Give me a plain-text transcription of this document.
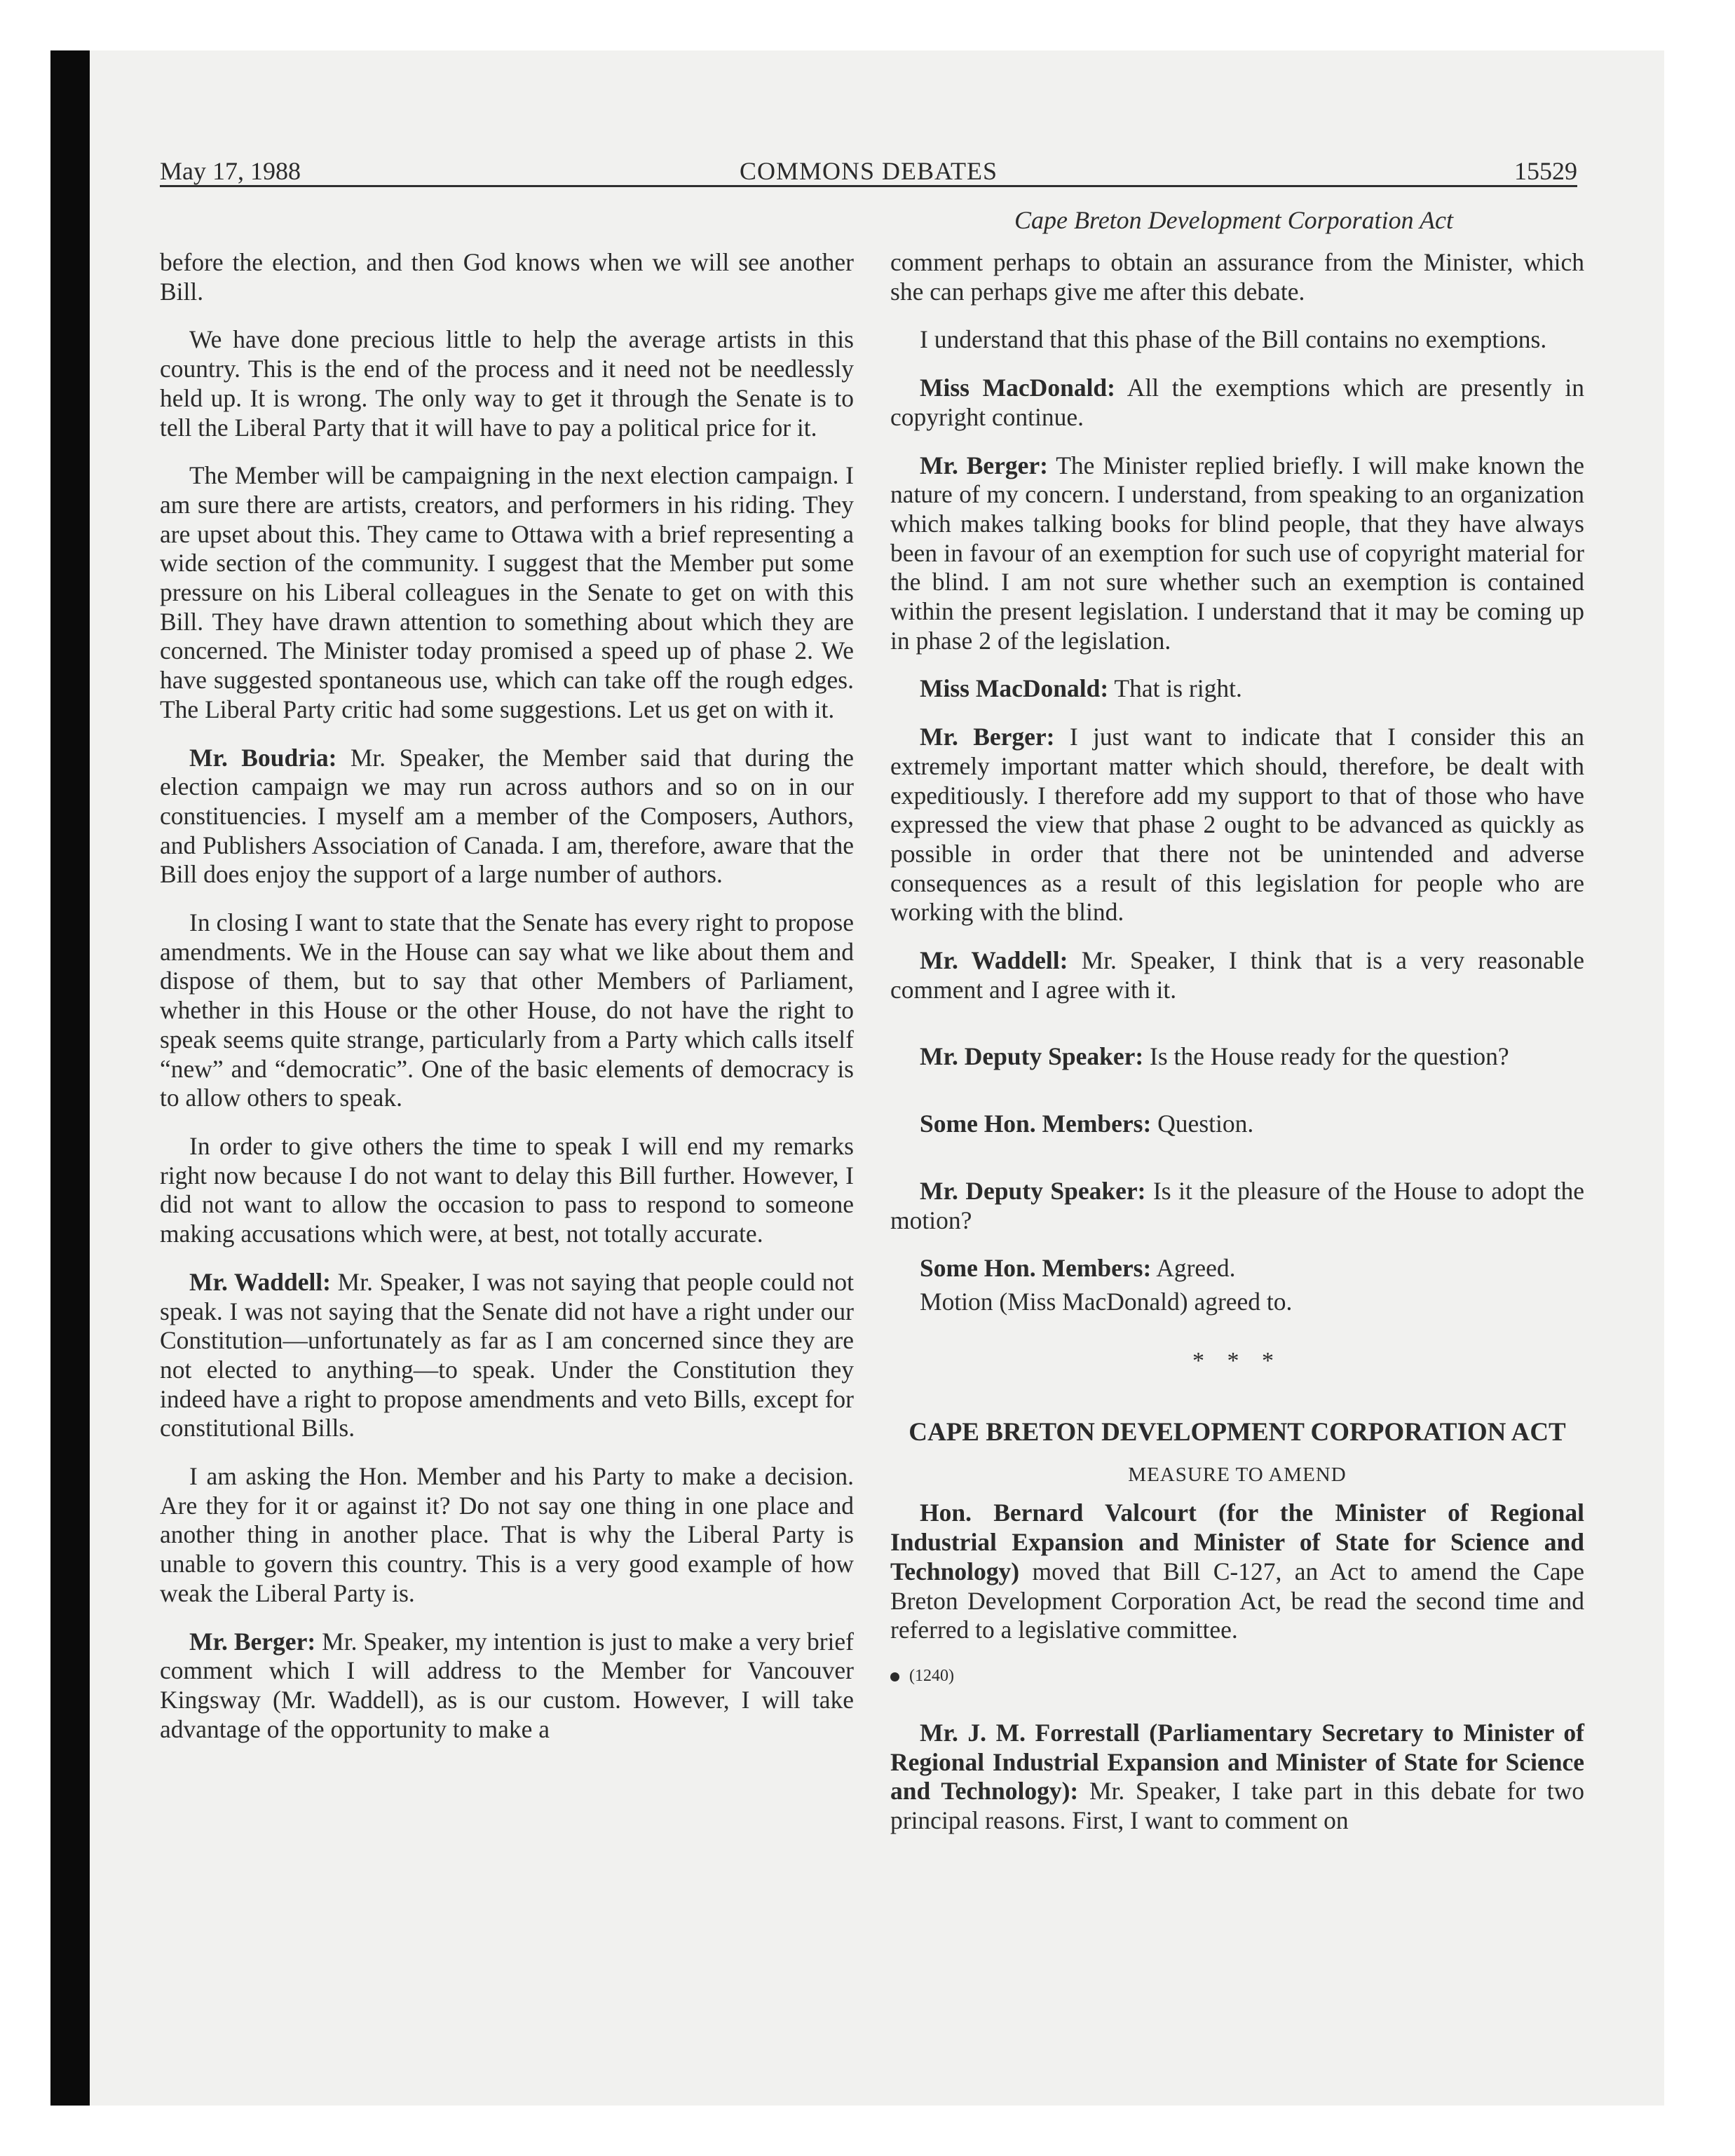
May 17, 1988	COMMONS DEBATES	15529
Cape Breton Development Corporation Act

before the election, and then God knows when we will see another Bill.

We have done precious little to help the average artists in this country. This is the end of the process and it need not be needlessly held up. It is wrong. The only way to get it through the Senate is to tell the Liberal Party that it will have to pay a political price for it.

The Member will be campaigning in the next election campaign. I am sure there are artists, creators, and performers in his riding. They are upset about this. They came to Ottawa with a brief representing a wide section of the community. I suggest that the Member put some pressure on his Liberal colleagues in the Senate to get on with this Bill. They have drawn attention to something about which they are concerned. The Minister today promised a speed up of phase 2. We have suggested spontaneous use, which can take off the rough edges. The Liberal Party critic had some suggestions. Let us get on with it.

Mr. Boudria: Mr. Speaker, the Member said that during the election campaign we may run across authors and so on in our constituencies. I myself am a member of the Composers, Authors, and Publishers Association of Canada. I am, therefore, aware that the Bill does enjoy the support of a large number of authors.

In closing I want to state that the Senate has every right to propose amendments. We in the House can say what we like about them and dispose of them, but to say that other Members of Parliament, whether in this House or the other House, do not have the right to speak seems quite strange, particularly from a Party which calls itself “new” and “democratic”. One of the basic elements of democracy is to allow others to speak.

In order to give others the time to speak I will end my remarks right now because I do not want to delay this Bill further. However, I did not want to allow the occasion to pass to respond to someone making accusations which were, at best, not totally accurate.

Mr. Waddell: Mr. Speaker, I was not saying that people could not speak. I was not saying that the Senate did not have a right under our Constitution—unfortunately as far as I am concerned since they are not elected to anything—to speak. Under the Constitution they indeed have a right to propose amendments and veto Bills, except for constitutional Bills.

I am asking the Hon. Member and his Party to make a decision. Are they for it or against it? Do not say one thing in one place and another thing in another place. That is why the Liberal Party is unable to govern this country. This is a very good example of how weak the Liberal Party is.

Mr. Berger: Mr. Speaker, my intention is just to make a very brief comment which I will address to the Member for Vancouver Kingsway (Mr. Waddell), as is our custom. However, I will take advantage of the opportunity to make a

comment perhaps to obtain an assurance from the Minister, which she can perhaps give me after this debate.

I understand that this phase of the Bill contains no exemptions.

Miss MacDonald: All the exemptions which are presently in copyright continue.

Mr. Berger: The Minister replied briefly. I will make known the nature of my concern. I understand, from speaking to an organization which makes talking books for blind people, that they have always been in favour of an exemption for such use of copyright material for the blind. I am not sure whether such an exemption is contained within the present legislation. I understand that it may be coming up in phase 2 of the legislation.

Miss MacDonald: That is right.

Mr. Berger: I just want to indicate that I consider this an extremely important matter which should, therefore, be dealt with expeditiously. I therefore add my support to that of those who have expressed the view that phase 2 ought to be advanced as quickly as possible in order that there not be unintended and adverse consequences as a result of this legislation for people who are working with the blind.

Mr. Waddell: Mr. Speaker, I think that is a very reasonable comment and I agree with it.

Mr. Deputy Speaker: Is the House ready for the question?

Some Hon. Members: Question.

Mr. Deputy Speaker: Is it the pleasure of the House to adopt the motion?

Some Hon. Members: Agreed.

Motion (Miss MacDonald) agreed to.

* * *
CAPE BRETON DEVELOPMENT CORPORATION ACT
MEASURE TO AMEND

Hon. Bernard Valcourt (for the Minister of Regional Industrial Expansion and Minister of State for Science and Technology) moved that Bill C-127, an Act to amend the Cape Breton Development Corporation Act, be read the second time and referred to a legislative committee.

(1240)

Mr. J. M. Forrestall (Parliamentary Secretary to Minister of Regional Industrial Expansion and Minister of State for Science and Technology): Mr. Speaker, I take part in this debate for two principal reasons. First, I want to comment on
